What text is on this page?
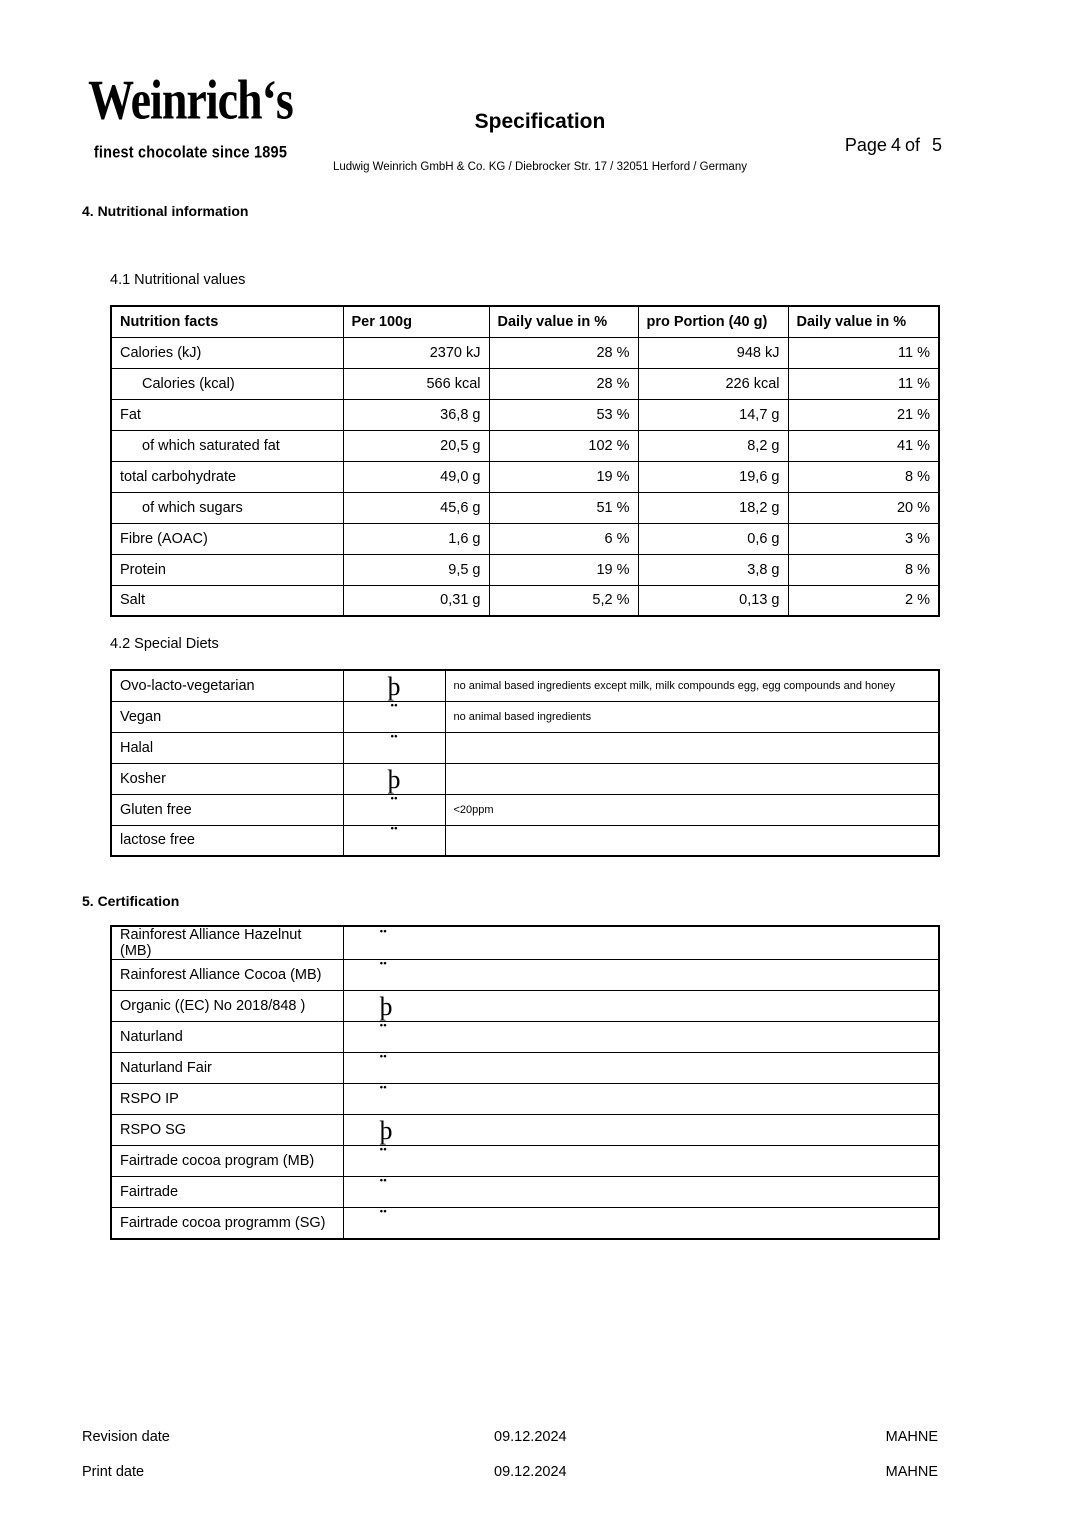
Weinrich‘s
finest chocolate since 1895
Specification
Ludwig Weinrich GmbH & Co. KG / Diebrocker Str. 17 / 32051 Herford / Germany
Page 4 of 5
4. Nutritional information
4.1 Nutritional values
4.2 Special Diets
5. Certification
Nutrition facts	Per 100g	Daily value in %	pro Portion (40 g)	Daily value in %
Calories (kJ)	2370 kJ	28 %	948 kJ	11 %
Calories (kcal)	566 kcal	28 %	226 kcal	11 %
Fat	36,8 g	53 %	14,7 g	21 %
of which saturated fat	20,5 g	102 %	8,2 g	41 %
total carbohydrate	49,0 g	19 %	19,6 g	8 %
of which sugars	45,6 g	51 %	18,2 g	20 %
Fibre (AOAC)	1,6 g	6 %	0,6 g	3 %
Protein	9,5 g	19 %	3,8 g	8 %
Salt	0,31 g	5,2 %	0,13 g	2 %
Ovo-lacto-vegetarian	þ	no animal based ingredients except milk, milk compounds egg, egg compounds and honey
Vegan	¨	no animal based ingredients
Halal	¨	
Kosher	þ	
Gluten free	¨	<20ppm
lactose free	¨	
Rainforest Alliance Hazelnut (MB)	¨
Rainforest Alliance Cocoa (MB)	¨
Organic ((EC) No 2018/848 )	þ
Naturland	¨
Naturland Fair	¨
RSPO IP	¨
RSPO SG	þ
Fairtrade cocoa program (MB)	¨
Fairtrade	¨
Fairtrade cocoa programm (SG)	¨
Revision date	09.12.2024	MAHNE
Print date	09.12.2024	MAHNE
